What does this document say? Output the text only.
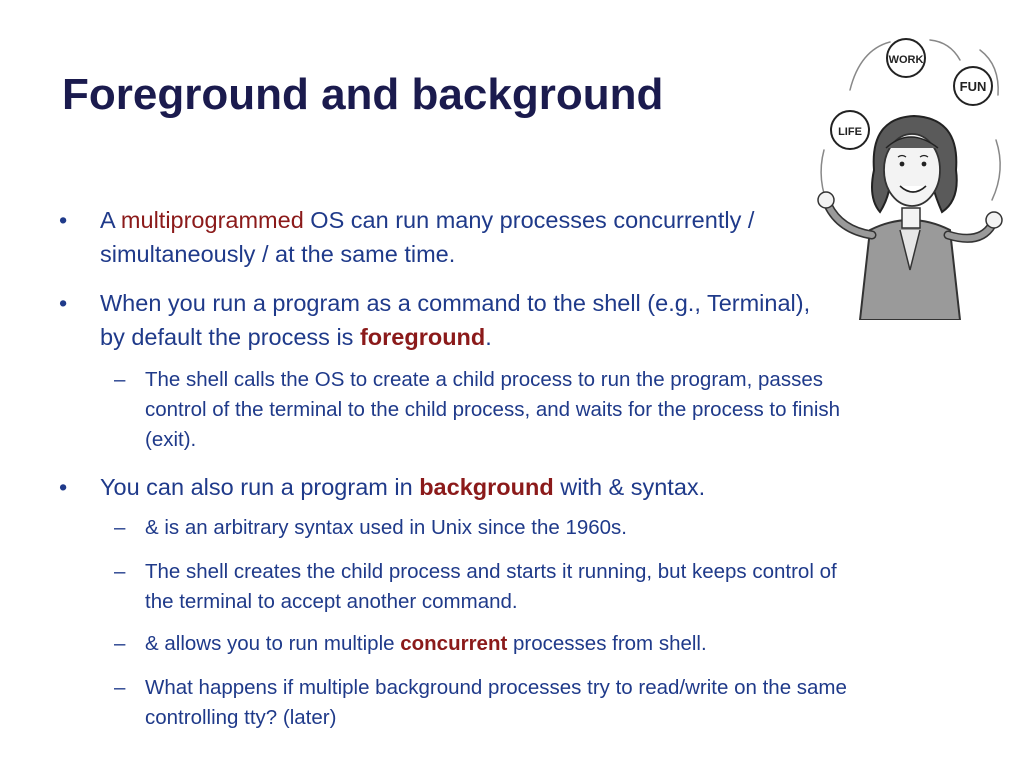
Foreground and background
• A multiprogrammed OS can run many processes concurrently / simultaneously / at the same time.
• When you run a program as a command to the shell (e.g., Terminal), by default the process is foreground.
– The shell calls the OS to create a child process to run the program, passes control of the terminal to the child process, and waits for the process to finish (exit).
• You can also run a program in background with & syntax.
– & is an arbitrary syntax used in Unix since the 1960s.
– The shell creates the child process and starts it running, but keeps control of the terminal to accept another command.
– & allows you to run multiple concurrent processes from shell.
– What happens if multiple background processes try to read/write on the same controlling tty? (later)
WORK
FUN
LIFE
